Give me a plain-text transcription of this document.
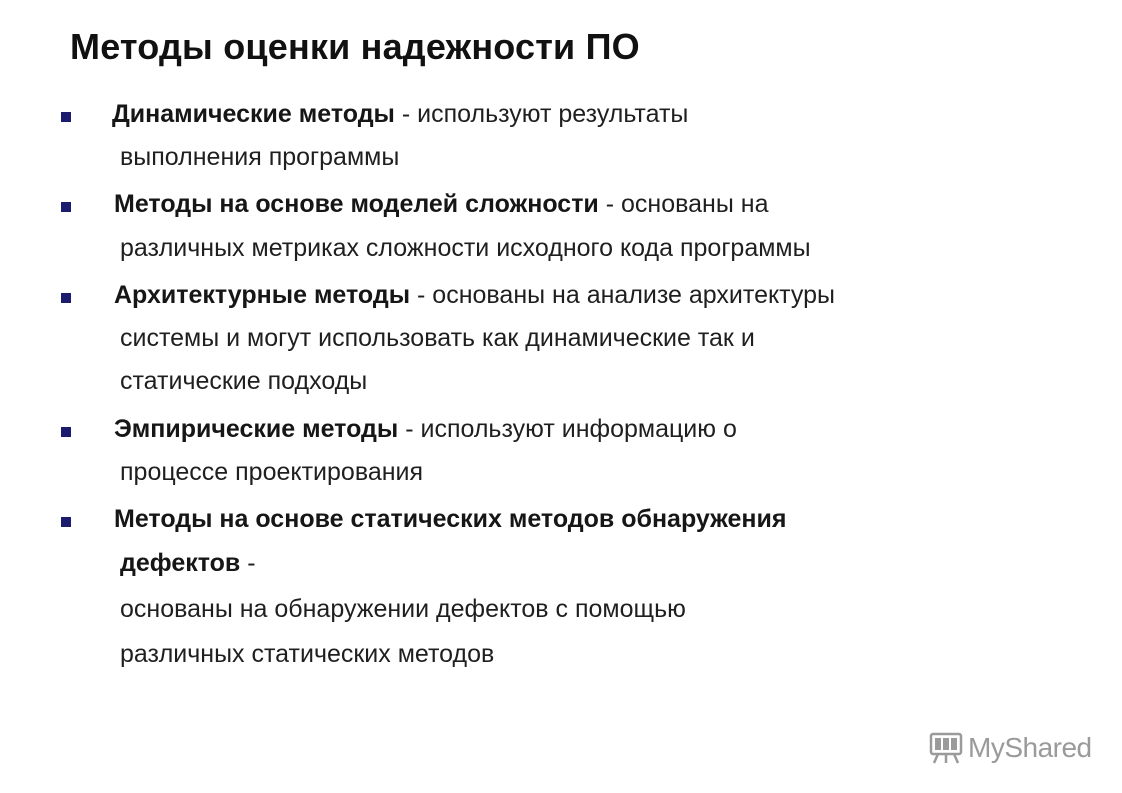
Методы оценки надежности ПО
Динамические методы - используют результаты
выполнения программы
Методы на основе моделей сложности - основаны на
различных метриках сложности исходного кода программы
Архитектурные методы - основаны на анализе архитектуры
системы и могут использовать как динамические так и
статические подходы
Эмпирические методы - используют информацию о
процессе проектирования
Методы на основе статических методов обнаружения
дефектов -
основаны на обнаружении дефектов с помощью
различных статических методов
MyShared
